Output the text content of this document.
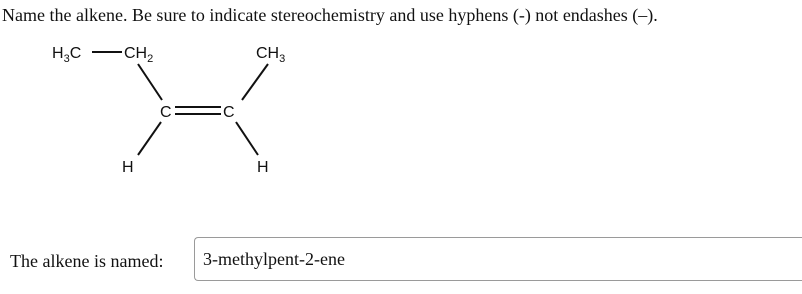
Name the alkene. Be sure to indicate stereochemistry and use hyphens (-) not endashes (–).
$H_3C$	$CH_2$	$CH_3$
C	C
H	H
The alkene is named:
3-methylpent-2-ene
